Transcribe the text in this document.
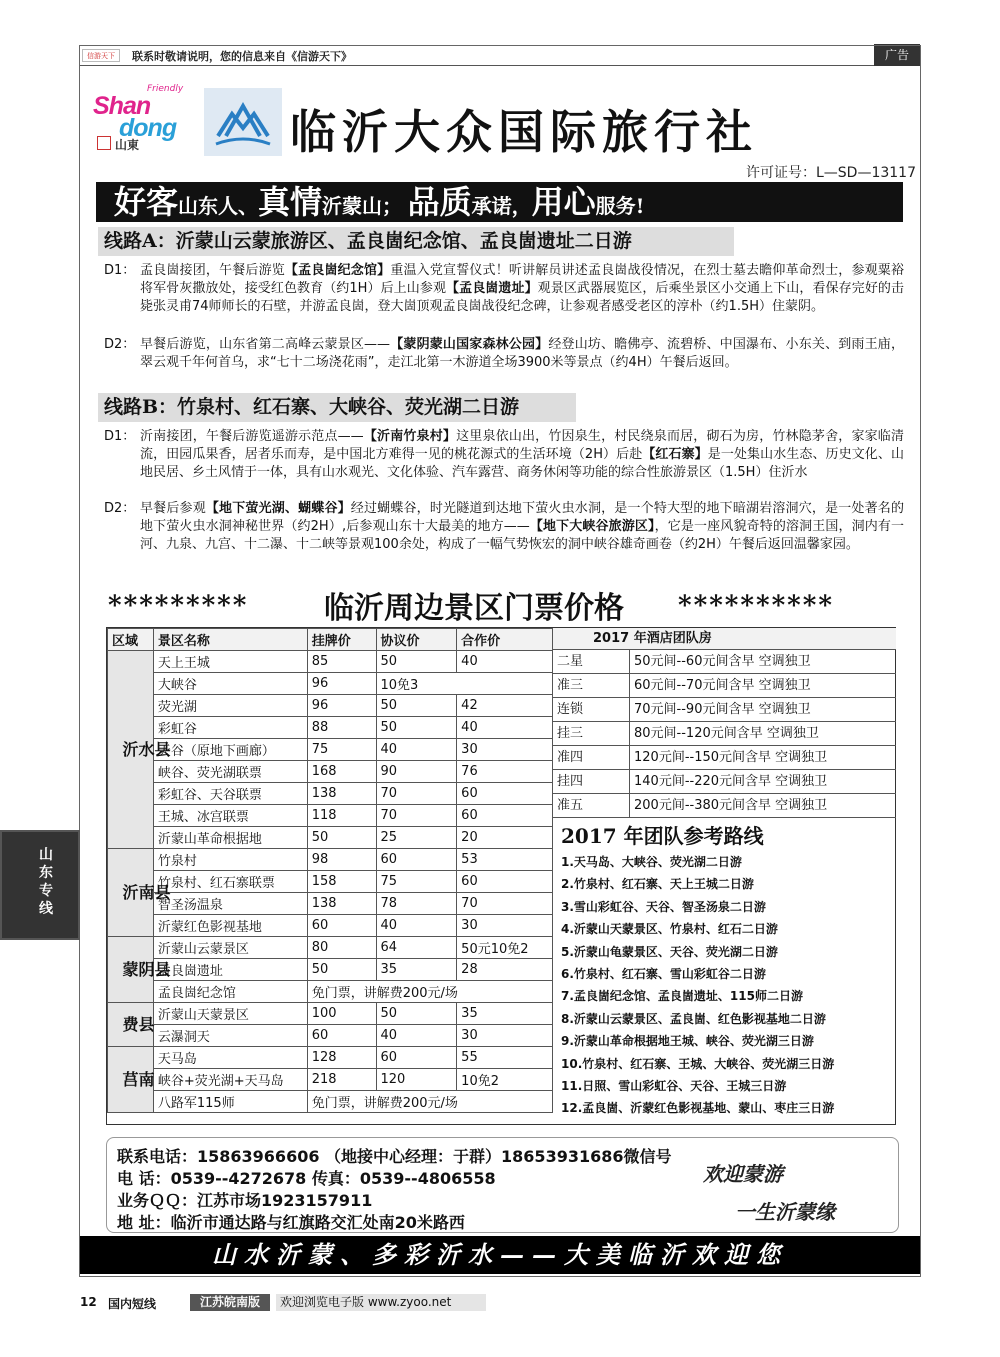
信游天下	联系时敬请说明，您的信息来自《信游天下》	广告
Friendly
Shan
dong
山東	临沂大众国际旅行社
许可证号：L—SD—13117
好客山东人、真情沂蒙山； 品质承诺，用心服务!
线路A：沂蒙山云蒙旅游区、孟良崮纪念馆、孟良崮遗址二日游
D1： 孟良崮接团，午餐后游览【孟良崮纪念馆】重温入党宣誓仪式！听讲解员讲述孟良崮战役情况，在烈士墓去瞻仰革命烈士，参观粟裕将军骨灰撒放处，接受红色教育（约1H）后上山参观【孟良崮遗址】观景区武器展览区，后乘坐景区小交通上下山，看保存完好的击毙张灵甫74师师长的石壁，并游孟良崮，登大崮顶观孟良崮战役纪念碑，让参观者感受老区的淳朴（约1.5H）住蒙阴。
D2： 早餐后游览，山东省第二高峰云蒙景区——【蒙阴蒙山国家森林公园】经登山坊、瞻佛亭、流碧桥、中国瀑布、小东关、到雨王庙，翠云观千年何首乌，求“七十二场浇花雨”，走江北第一木游道全场3900米等景点（约4H）午餐后返回。
线路B：竹泉村、红石寨、大峡谷、荧光湖二日游
D1： 沂南接团，午餐后游览遥游示范点——【沂南竹泉村】这里泉依山出，竹因泉生，村民绕泉而居，砌石为房，竹林隐茅舍，家家临清流，田园瓜果香，居者乐而寿，是中国北方难得一见的桃花源式的生活环境（2H）后赴【红石寨】是一处集山水生态、历史文化、山地民居、乡土风情于一体，具有山水观光、文化体验、汽车露营、商务休闲等功能的综合性旅游景区（1.5H）住沂水
D2： 早餐后参观【地下萤光湖、蝴蝶谷】经过蝴蝶谷，时光隧道到达地下萤火虫水洞，是一个特大型的地下暗湖岩溶洞穴，是一处著名的地下萤火虫水洞神秘世界（约2H）,后参观山东十大最美的地方——【地下大峡谷旅游区】，它是一座风貌奇特的溶洞王国，洞内有一河、九泉、九宫、十二瀑、十二峡等景观100余处，构成了一幅气势恢宏的洞中峡谷雄奇画卷（约2H）午餐后返回温馨家园。
*********	临沂周边景区门票价格 **********
区域	景区名称	挂牌价	协议价	合作价

沂水县	天上王城	85	50	40
	大峡谷	96	10免3	
	荧光湖	96	50	42
	彩虹谷	88	50	40
	天谷（原地下画廊）	75	40	30
	峡谷、荧光湖联票	168	90	76
	彩虹谷、天谷联票	138	70	60
	王城、冰宫联票	118	70	60
	沂蒙山革命根据地	50	25	20

沂南县	竹泉村	98	60	53
	竹泉村、红石寨联票	158	75	60
	智圣汤温泉	138	78	70
	沂蒙红色影视基地	60	40	30

蒙阴县	沂蒙山云蒙景区	80	64	50元10免2
	孟良崮遗址	50	35	28
	孟良崮纪念馆	免门票，讲解费200元/场		

费县	沂蒙山天蒙景区	100	50	35
	云瀑洞天	60	40	30

莒南	天马岛	128	60	55
	峡谷+荧光湖+天马岛	218	120	10免2
	八路军115师	免门票，讲解费200元/场		
2017 年酒店团队房
二星	50元间--60元间含早 空调独卫
准三	60元间--70元间含早 空调独卫
连锁	70元间--90元间含早 空调独卫
挂三	80元间--120元间含早 空调独卫
准四	120元间--150元间含早 空调独卫
挂四	140元间--220元间含早 空调独卫
准五	200元间--380元间含早 空调独卫
2017 年团队参考路线
1.天马岛、大峡谷、荧光湖二日游
2.竹泉村、红石寨、天上王城二日游
3.雪山彩虹谷、天谷、智圣汤泉二日游
4.沂蒙山天蒙景区、竹泉村、红石二日游
5.沂蒙山龟蒙景区、天谷、荧光湖二日游
6.竹泉村、红石寨、雪山彩虹谷二日游
7.孟良崮纪念馆、孟良崮遗址、115师二日游
8.沂蒙山云蒙景区、孟良崮、红色影视基地二日游
9.沂蒙山革命根据地王城、峡谷、荧光湖三日游
10.竹泉村、红石寨、王城、大峡谷、荧光湖三日游
11.日照、雪山彩虹谷、天谷、王城三日游
12.孟良崮、沂蒙红色影视基地、蒙山、枣庄三日游
联系电话：15863966606 （地接中心经理：于群）18653931686微信号
电 话：0539--4272678 传真：0539--4806558
业务ＱＱ：江苏市场1923157911
地 址：临沂市通达路与红旗路交汇处南20米路西
欢迎蒙游
一生沂蒙缘
山水沂蒙、多彩沂水——大美临沂欢迎您
山东专线
12 国内短线	江苏皖南版	欢迎浏览电子版 www.zyoo.net
